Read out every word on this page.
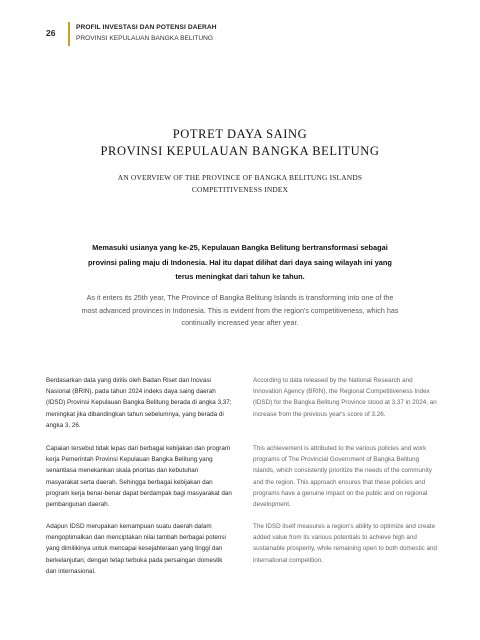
26
PROFIL INVESTASI DAN POTENSI DAERAH
PROVINSI KEPULAUAN BANGKA BELITUNG
POTRET DAYA SAING
PROVINSI KEPULAUAN BANGKA BELITUNG
AN OVERVIEW OF THE PROVINCE OF BANGKA BELITUNG ISLANDS
COMPETITIVENESS INDEX
Memasuki usianya yang ke-25, Kepulauan Bangka Belitung bertransformasi sebagai provinsi paling maju di Indonesia. Hal itu dapat dilihat dari daya saing wilayah ini yang terus meningkat dari tahun ke tahun.
As it enters its 25th year, The Province of Bangka Belitung Islands is transforming into one of the most advanced provinces in Indonesia. This is evident from the region's competitiveness, which has continually increased year after year.

Berdasarkan data yang dirilis oleh Badan Riset dan Inovasi Nasional (BRIN), pada tahun 2024 indeks daya saing daerah (IDSD) Provinsi Kepulauan Bangka Belitung berada di angka 3,37; meningkat jika dibandingkan tahun sebelumnya, yang berada di angka 3, 26.

Capaian tersebut tidak lepas dari berbagai kebijakan dan program kerja Pemerintah Provinsi Kepulauan Bangka Belitung yang senantiasa menekankan skala prioritas dan kebutuhan masyarakat serta daerah. Sehingga berbagai kebijakan dan program kerja benar-benar dapat berdampak bagi masyarakat dan pembangunan daerah.

Adapun IDSD merupakan kemampuan suatu daerah dalam mengoptimalkan dan menciptakan nilai tambah berbagai potensi yang dimilikinya untuk mencapai kesejahteraan yang tinggi dan berkelanjutan; dengan tetap terbuka pada persaingan domestik dan internasional.

According to data released by the National Research and Innovation Agency (BRIN), the Regional Competitiveness Index (IDSD) for the Bangka Belitung Province stood at 3.37 in 2024, an increase from the previous year's score of 3.26.

This achievement is attributed to the various policies and work programs of The Provincial Government of Bangka Belitung Islands, which consistently prioritize the needs of the community and the region. This approach ensures that these policies and programs have a genuine impact on the public and on regional development.

The IDSD itself measures a region's ability to optimize and create added value from its various potentials to achieve high and sustainable prosperity, while remaining open to both domestic and international competition.
